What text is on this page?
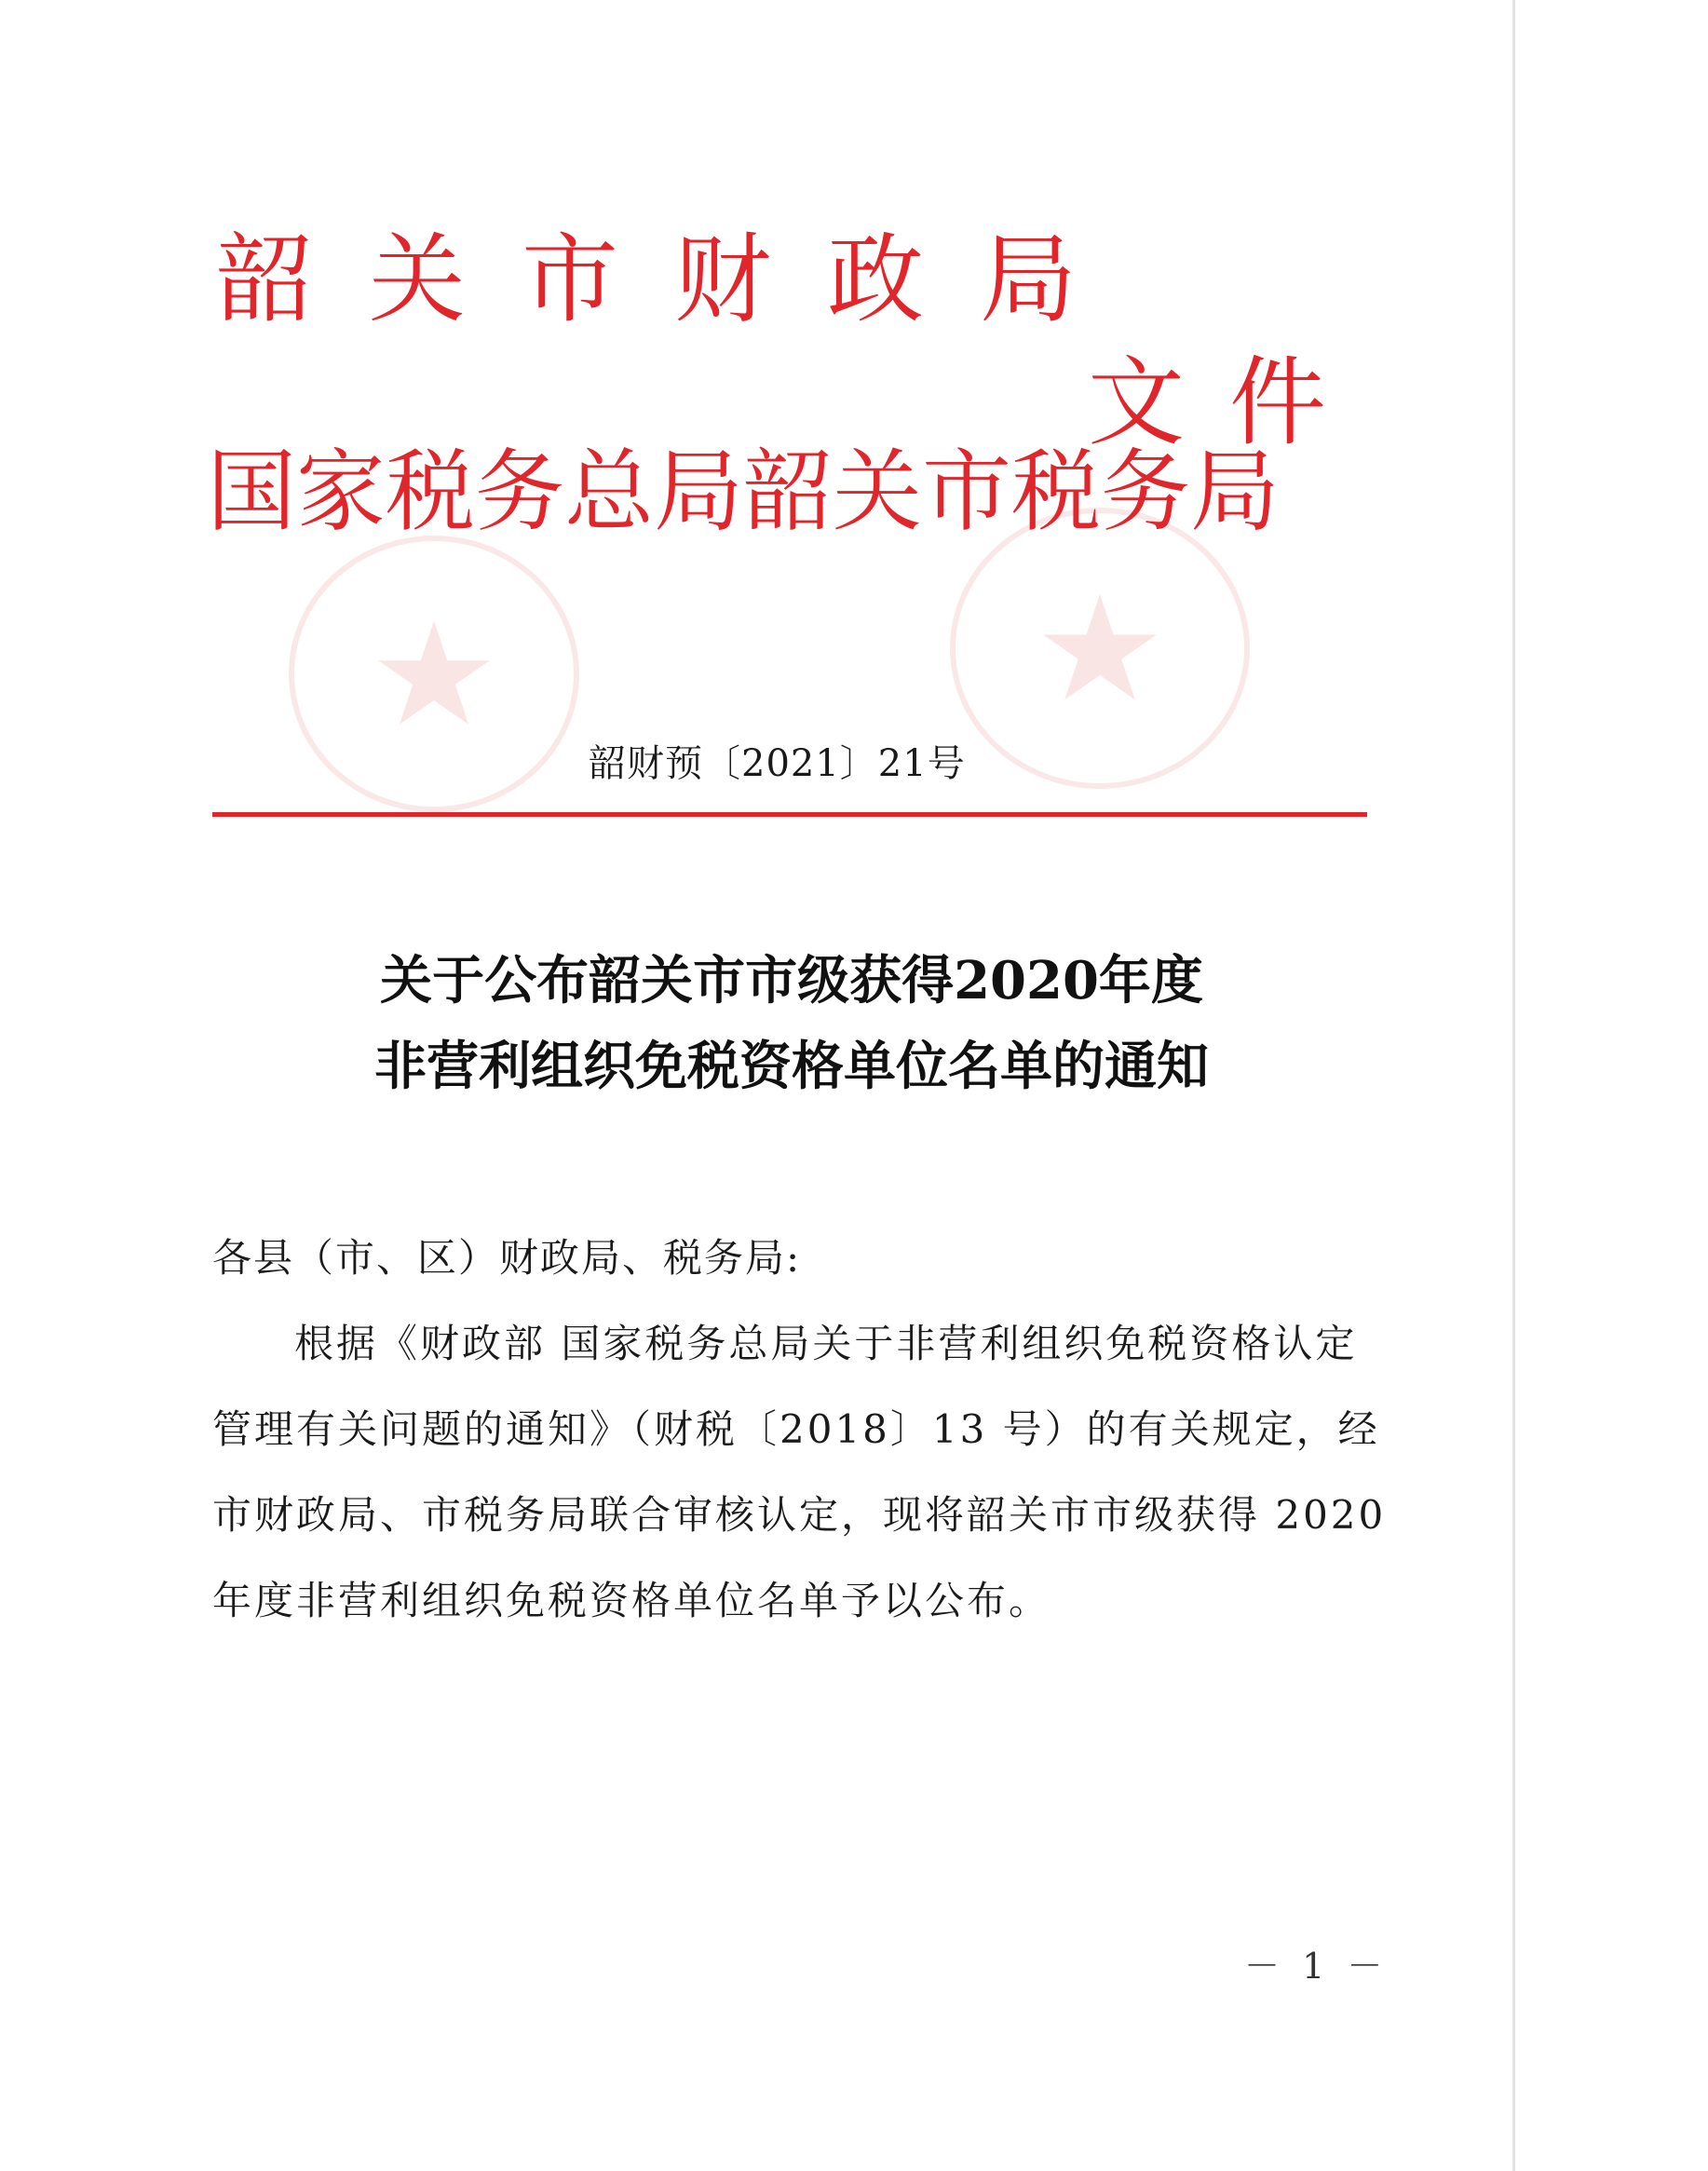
韶关市财政局
文件
国家税务总局韶关市税务局
韶财预〔2021〕21号
关于公布韶关市市级获得2020年度
非营利组织免税资格单位名单的通知
各县（市、区）财政局、税务局:
根据《财政部 国家税务总局关于非营利组织免税资格认定
管理有关问题的通知》（财税〔2018〕13 号）的有关规定，经
市财政局、市税务局联合审核认定，现将韶关市市级获得 2020
年度非营利组织免税资格单位名单予以公布。
－ 1 －
